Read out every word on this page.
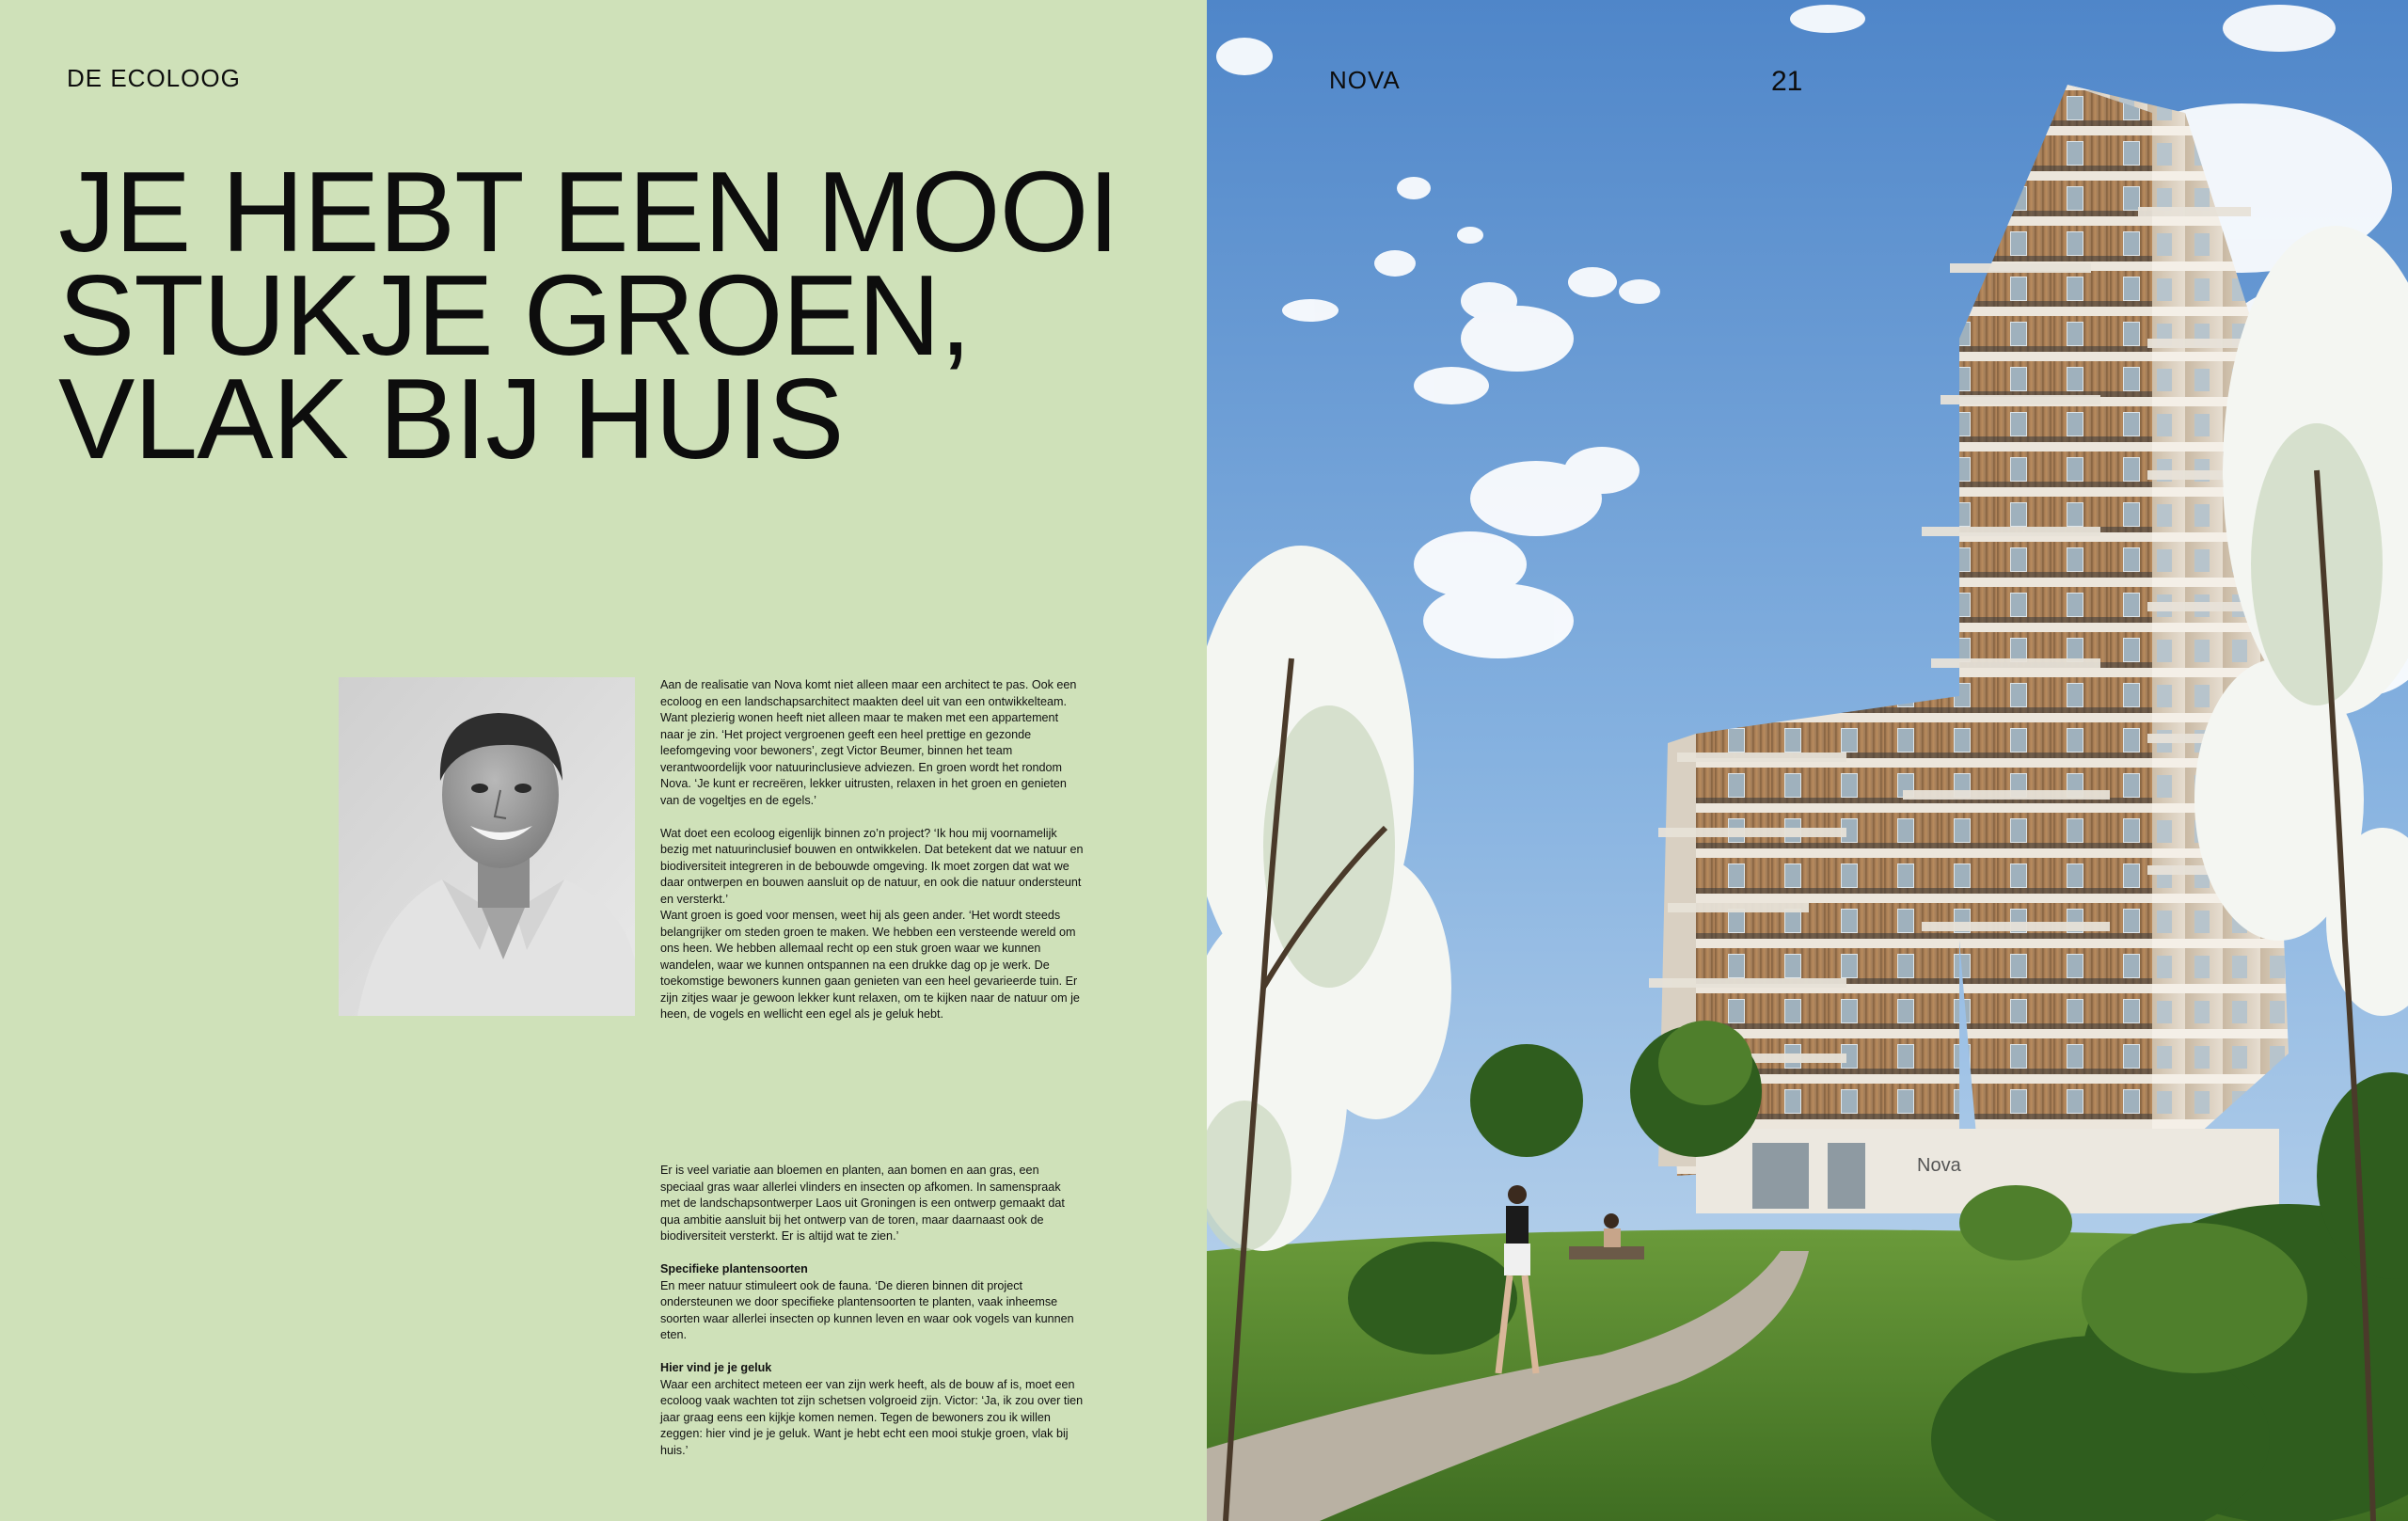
DE ECOLOOG
JE HEBT EEN MOOI
STUKJE GROEN,
VLAK BIJ HUIS

Aan de realisatie van Nova komt niet alleen maar een architect te pas. Ook een ecoloog en een landschapsarchitect maakten deel uit van een ontwikkelteam. Want plezierig wonen heeft niet alleen maar te maken met een appartement naar je zin. ‘Het project vergroenen geeft een heel prettige en gezonde leefomgeving voor bewoners’, zegt Victor Beumer, binnen het team verantwoordelijk voor natuurinclusieve adviezen. En groen wordt het rondom Nova. ‘Je kunt er recreëren, lekker uitrusten, relaxen in het groen en genieten van de vogeltjes en de egels.’

Wat doet een ecoloog eigenlijk binnen zo’n project? ‘Ik hou mij voornamelijk bezig met natuurinclusief bouwen en ontwikkelen. Dat betekent dat we natuur en biodiversiteit integreren in de bebouwde omgeving. Ik moet zorgen dat wat we daar ontwerpen en bouwen aansluit op de natuur, en ook die natuur ondersteunt en versterkt.’

Want groen is goed voor mensen, weet hij als geen ander. ‘Het wordt steeds belangrijker om steden groen te maken. We hebben een versteende wereld om ons heen. We hebben allemaal recht op een stuk groen waar we kunnen wandelen, waar we kunnen ontspannen na een drukke dag op je werk. De toekomstige bewoners kunnen gaan genieten van een heel gevarieerde tuin. Er zijn zitjes waar je gewoon lekker kunt relaxen, om te kijken naar de natuur om je heen, de vogels en wellicht een egel als je geluk hebt.

Er is veel variatie aan bloemen en planten, aan bomen en aan gras, een speciaal gras waar allerlei vlinders en insecten op afkomen. In samenspraak met de landschapsontwerper Laos uit Groningen is een ontwerp gemaakt dat qua ambitie aansluit bij het ontwerp van de toren, maar daarnaast ook de biodiversiteit versterkt. Er is altijd wat te zien.’

Specifieke plantensoorten

En meer natuur stimuleert ook de fauna. ‘De dieren binnen dit project ondersteunen we door specifieke plantensoorten te planten, vaak inheemse soorten waar allerlei insecten op kunnen leven en waar ook vogels van kunnen eten.

Hier vind je je geluk

Waar een architect meteen eer van zijn werk heeft, als de bouw af is, moet een ecoloog vaak wachten tot zijn schetsen volgroeid zijn. Victor: ‘Ja, ik zou over tien jaar graag eens een kijkje komen nemen. Tegen de bewoners zou ik willen zeggen: hier vind je je geluk. Want je hebt echt een mooi stukje groen, vlak bij huis.’

Nova
NOVA	21
